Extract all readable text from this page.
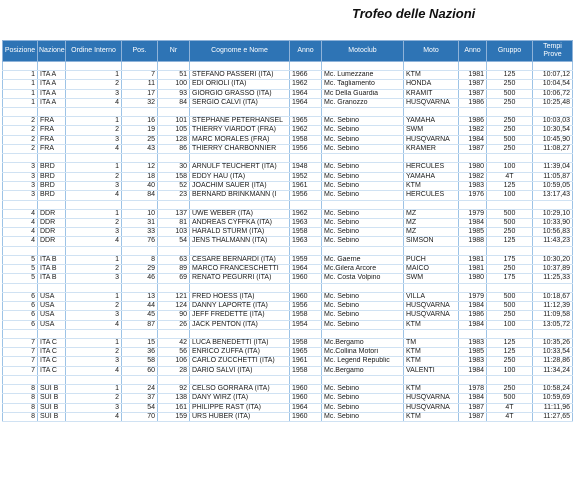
Trofeo delle Nazioni
Posizione	Nazione	Ordine Interno	Pos.	Nr	Cognome e Nome	Anno	Motoclub	Moto	Anno	Gruppo	Tempi Prove

1	ITA A	1	7	51	STEFANO PASSERI (ITA)	1966	Mc. Lumezzane	KTM	1981	125	10:07,12
1	ITA A	2	11	100	EDI ORIOLI (ITA)	1962	Mc. Tagliamento	HONDA	1987	250	10:04,54
1	ITA A	3	17	93	GIORGIO GRASSO (ITA)	1964	Mc Della Guardia	KRAMIT	1987	500	10:06,72
1	ITA A	4	32	84	SERGIO CALVI (ITA)	1964	Mc. Granozzo	HUSQVARNA	1986	250	10:25,48

2	FRA	1	16	101	STEPHANE PETERHANSEL	1965	Mc. Sebino	YAMAHA	1986	250	10:03,03
2	FRA	2	19	105	THIERRY VIARDOT (FRA)	1962	Mc. Sebino	SWM	1982	250	10:30,54
2	FRA	3	25	128	MARC MORALES (FRA)	1958	Mc. Sebino	HUSQVARNA	1984	500	10:45,90
2	FRA	4	43	86	THIERRY CHARBONNIER	1956	Mc. Sebino	KRAMER	1987	250	11:08,27

3	BRD	1	12	30	ARNULF TEUCHERT (ITA)	1948	Mc. Sebino	HERCULES	1980	100	11:39,04
3	BRD	2	18	158	EDDY HAU (ITA)	1952	Mc. Sebino	YAMAHA	1982	4T	11:05,87
3	BRD	3	40	52	JOACHIM SAUER (ITA)	1961	Mc. Sebino	KTM	1983	125	10:59,05
3	BRD	4	84	23	BERNARD BRINKMANN (I	1956	Mc. Sebino	HERCULES	1976	100	13:17,43

4	DDR	1	10	137	UWE WEBER (ITA)	1962	Mc. Sebino	MZ	1979	500	10:29,10
4	DDR	2	31	81	ANDREAS CYFFKA (ITA)	1963	Mc. Sebino	MZ	1984	500	10:33,90
4	DDR	3	33	103	HARALD STURM (ITA)	1958	Mc. Sebino	MZ	1985	250	10:56,83
4	DDR	4	76	54	JENS THALMANN (ITA)	1963	Mc. Sebino	SIMSON	1988	125	11:43,23

5	ITA B	1	8	63	CESARE BERNARDI (ITA)	1959	Mc. Gaerne	PUCH	1981	175	10:30,20
5	ITA B	2	29	89	MARCO FRANCESCHETTI	1964	Mc.Gilera Arcore	MAICO	1981	250	10:37,89
5	ITA B	3	46	69	RENATO PEGURRI (ITA)	1960	Mc. Costa Volpino	SWM	1980	175	11:25,33

6	USA	1	13	121	FRED HOESS (ITA)	1960	Mc. Sebino	VILLA	1979	500	10:18,67
6	USA	2	44	124	DANNY LAPORTE (ITA)	1956	Mc. Sebino	HUSQVARNA	1984	500	11:12,39
6	USA	3	45	90	JEFF FREDETTE (ITA)	1958	Mc. Sebino	HUSQVARNA	1986	250	11:09,58
6	USA	4	87	26	JACK PENTON (ITA)	1954	Mc. Sebino	KTM	1984	100	13:05,72

7	ITA C	1	15	42	LUCA BENEDETTI (ITA)	1958	Mc.Bergamo	TM	1983	125	10:35,26
7	ITA C	2	36	56	ENRICO ZUFFA (ITA)	1965	Mc.Collina Motori	KTM	1985	125	10:33,54
7	ITA C	3	58	106	CARLO ZUCCHETTI (ITA)	1961	Mc. Legend Republic	KTM	1983	250	11:28,86
7	ITA C	4	60	28	DARIO SALVI (ITA)	1958	Mc.Bergamo	VALENTI	1984	100	11:34,24

8	SUI B	1	24	92	CELSO GORRARA (ITA)	1960	Mc. Sebino	KTM	1978	250	10:58,24
8	SUI B	2	37	138	DANY WIRZ (ITA)	1960	Mc. Sebino	HUSQVARNA	1984	500	10:59,69
8	SUI B	3	54	161	PHILIPPE RAST (ITA)	1964	Mc. Sebino	HUSQVARNA	1987	4T	11:11,96
8	SUI B	4	70	159	URS HUBER (ITA)	1960	Mc. Sebino	KTM	1987	4T	11:27,65
